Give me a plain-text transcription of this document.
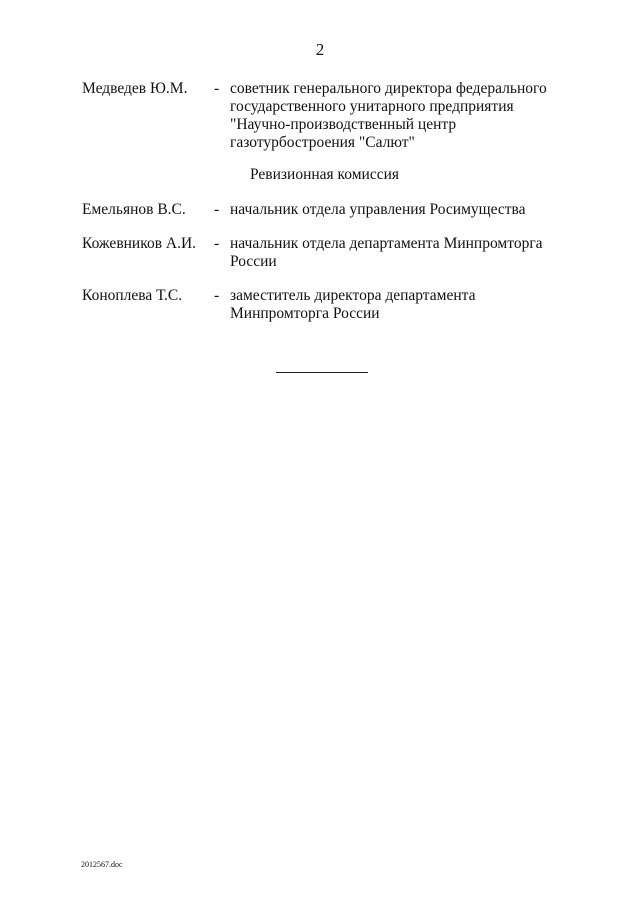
2
Медведев Ю.М. - советник генерального директора федерального
государственного унитарного предприятия
"Научно-производственный центр
газотурбостроения "Салют"
Ревизионная комиссия
Емельянов В.С. - начальник отдела управления Росимущества
Кожевников А.И. - начальник отдела департамента Минпромторга
России
Коноплева Т.С. - заместитель директора департамента
Минпромторга России
2012567.doc
